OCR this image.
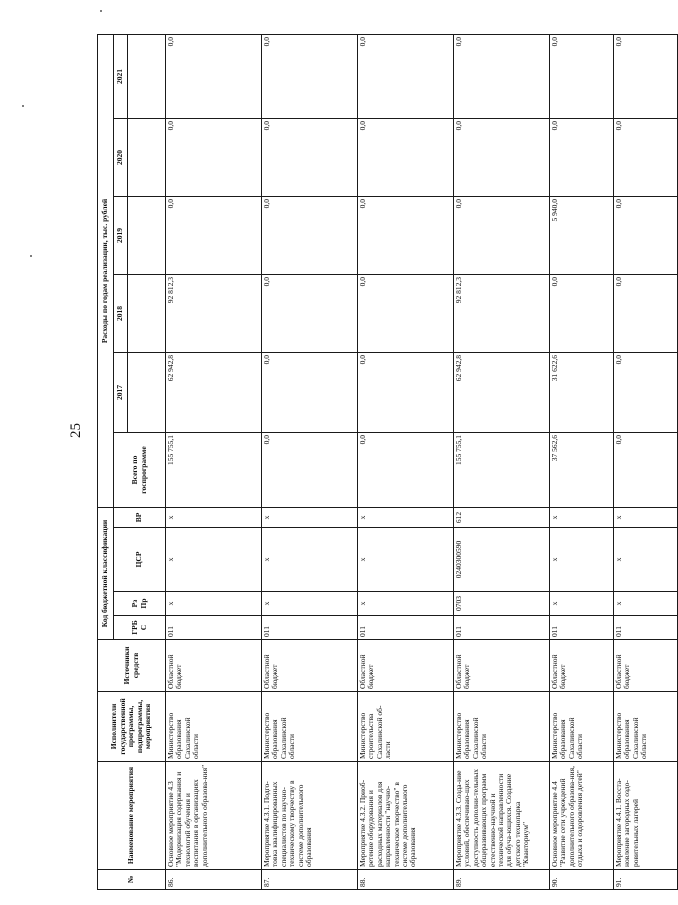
25
№	Наименование мероприятия	Исполнители государственной программы, подпрограммы, мероприятия	Источники средств	Код бюджетной классификации				Расходы по годам реализации, тыс. рублей					
				ГРБС	Рз Пр	ЦСР	ВР	Всего по госпрограмме	2017	2018	2019	2020	2021

86.	Основное мероприятие 4.3 "Модернизация содержания и технологий обучения и воспитания в организациях дополнительного образова-ния"	Министерство образования Сахалинской области	Областной бюджет	011	x	x	x	155 755,1	62 942,8	92 812,3	0,0	0,0	0,0
87.	Мероприятие 4.3.1. Подго-товка квалифицированных специалистов по научно-техническому творчеству в системе дополнительного образования	Министерство образования Сахалинской области	Областной бюджет	011	x	x	x	0,0	0,0	0,0	0,0	0,0	0,0
88.	Мероприятие 4.3.2. Приоб-ретение оборудования и расходных материалов для направленности "научно-техническое творчество" в системе дополнительного образования	Министерство строительства Сахалинской об-ласти	Областной бюджет	011	x	x	x	0,0	0,0	0,0	0,0	0,0	0,0
89.	Мероприятие 4.3.3. Созда-ние условий, обеспечиваю-щих доступность дополни-тельных общеразвивающих программ естественно-научной и технической направленности для обуча-ющихся. Создание детского технопарка "Кванториум"	Министерство образования Сахалинской области	Областной бюджет	011	0703	0240300590	612	155 755,1	62 942,8	92 812,3	0,0	0,0	0,0
90.	Основное мероприятие 4.4 "Развитие сети учреждений дополнительного образова-ния, отдыха и оздоровления детей"	Министерство образования Сахалинской области	Областной бюджет	011	x	x	x	37 562,6	31 622,6	0,0	5 940,0	0,0	0,0
91.	Мероприятие 4.4.1. Восста-новление загородных оздо-ровительных лагерей	Министерство образования Сахалинской области	Областной бюджет	011	x	x	x	0,0	0,0	0,0	0,0	0,0	0,0
